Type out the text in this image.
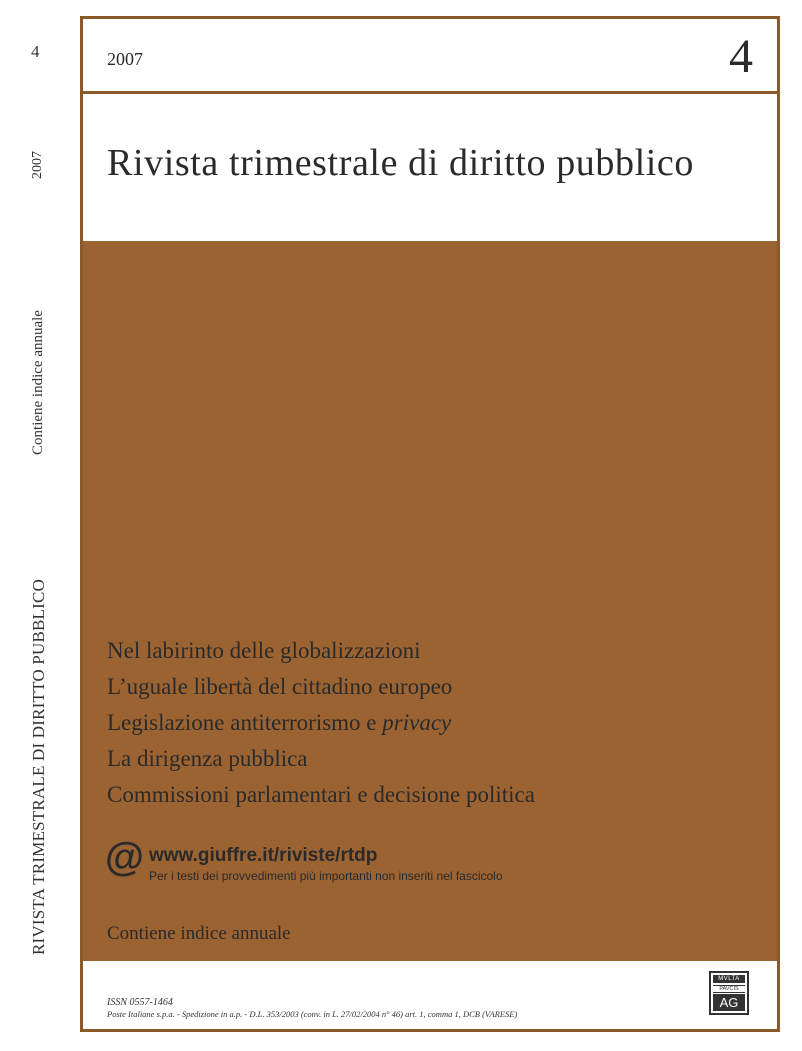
4
2007
Contiene indice annuale
RIVISTA TRIMESTRALE DI DIRITTO PUBBLICO
2007	4
Rivista trimestrale di diritto pubblico
Nel labirinto delle globalizzazioni
L’uguale libertà del cittadino europeo
Legislazione antiterrorismo e privacy
La dirigenza pubblica
Commissioni parlamentari e decisione politica
@ www.giuffre.it/riviste/rtdp
Per i testi dei provvedimenti più importanti non inseriti nel fascicolo
Contiene indice annuale
ISSN 0557-1464
Poste Italiane s.p.a. - Spedizione in a.p. - D.L. 353/2003 (conv. in L. 27/02/2004 n° 46) art. 1, comma 1, DCB (VARESE)
MVLTA
PAVCIS
AG
